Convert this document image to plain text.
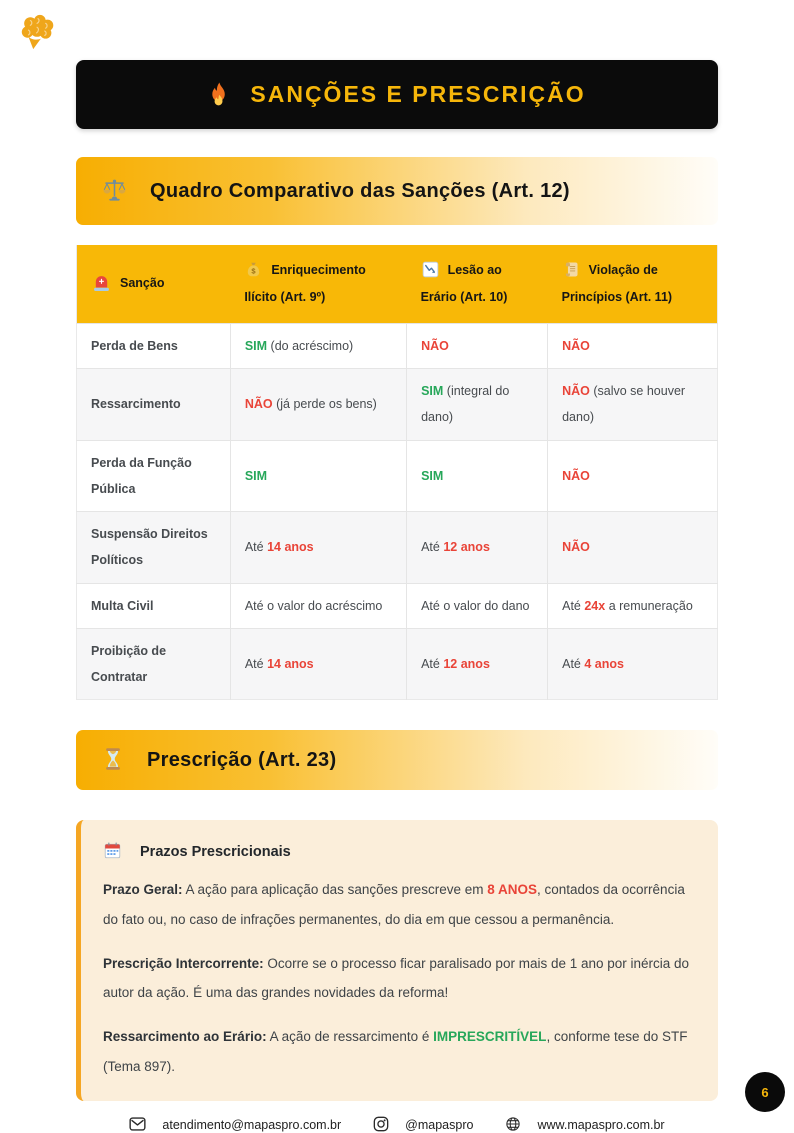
SANÇÕES E PRESCRIÇÃO
Quadro Comparativo das Sanções (Art. 12)
Sanção	$ Enriquecimento Ilícito (Art. 9º)	Lesão ao Erário (Art. 10)	Violação de Princípios (Art. 11)
Perda de Bens	SIM (do acréscimo)	NÃO	NÃO
Ressarcimento	NÃO (já perde os bens)	SIM (integral do dano)	NÃO (salvo se houver dano)
Perda da Função Pública	SIM	SIM	NÃO
Suspensão Direitos Políticos	Até 14 anos	Até 12 anos	NÃO
Multa Civil	Até o valor do acréscimo	Até o valor do dano	Até 24x a remuneração
Proibição de Contratar	Até 14 anos	Até 12 anos	Até 4 anos
Prescrição (Art. 23)
Prazos Prescricionais

Prazo Geral: A ação para aplicação das sanções prescreve em 8 ANOS, contados da ocorrência do fato ou, no caso de infrações permanentes, do dia em que cessou a permanência.

Prescrição Intercorrente: Ocorre se o processo ficar paralisado por mais de 1 ano por inércia do autor da ação. É uma das grandes novidades da reforma!

Ressarcimento ao Erário: A ação de ressarcimento é IMPRESCRITÍVEL, conforme tese do STF (Tema 897).

atendimento@mapaspro.com.br	@mapaspro	www.mapaspro.com.br
6
